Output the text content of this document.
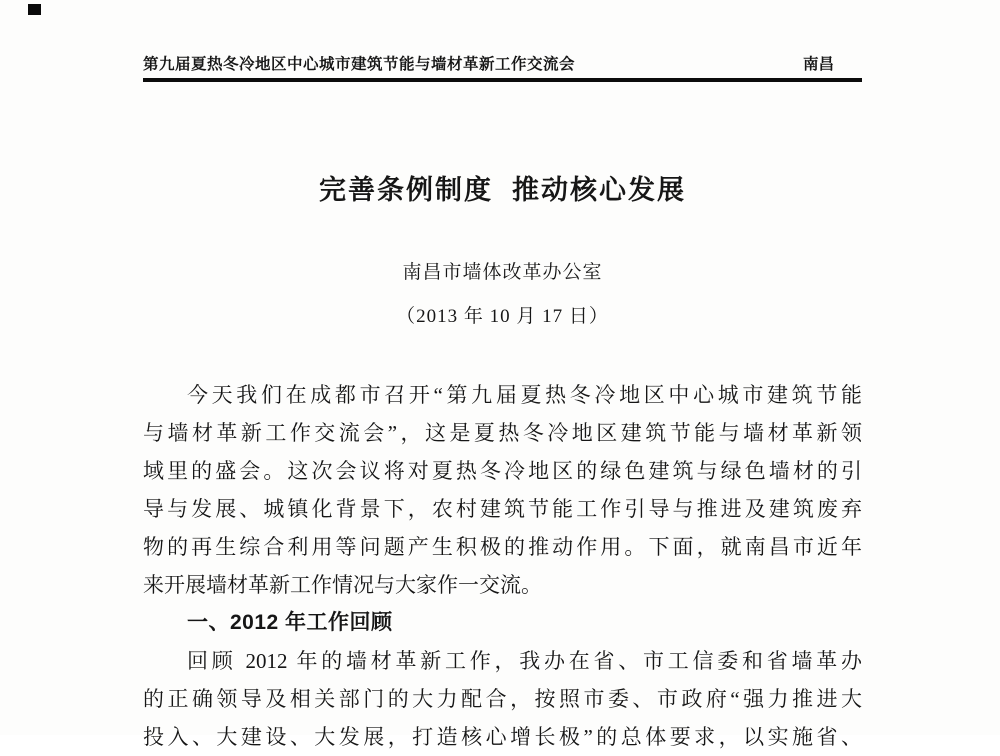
第九届夏热冬冷地区中心城市建筑节能与墙材革新工作交流会	南昌
完善条例制度  推动核心发展
南昌市墙体改革办公室
（2013 年 10 月 17 日）
今天我们在成都市召开“第九届夏热冬冷地区中心城市建筑节能
与墙材革新工作交流会”，这是夏热冬冷地区建筑节能与墙材革新领
域里的盛会。这次会议将对夏热冬冷地区的绿色建筑与绿色墙材的引
导与发展、城镇化背景下，农村建筑节能工作引导与推进及建筑废弃
物的再生综合利用等问题产生积极的推动作用。下面，就南昌市近年
来开展墙材革新工作情况与大家作一交流。
一、2012 年工作回顾
回顾 2012 年的墙材革新工作，我办在省、市工信委和省墙革办
的正确领导及相关部门的大力配合，按照市委、市政府“强力推进大
投入、大建设、大发展，打造核心增长极”的总体要求，以实施省、
